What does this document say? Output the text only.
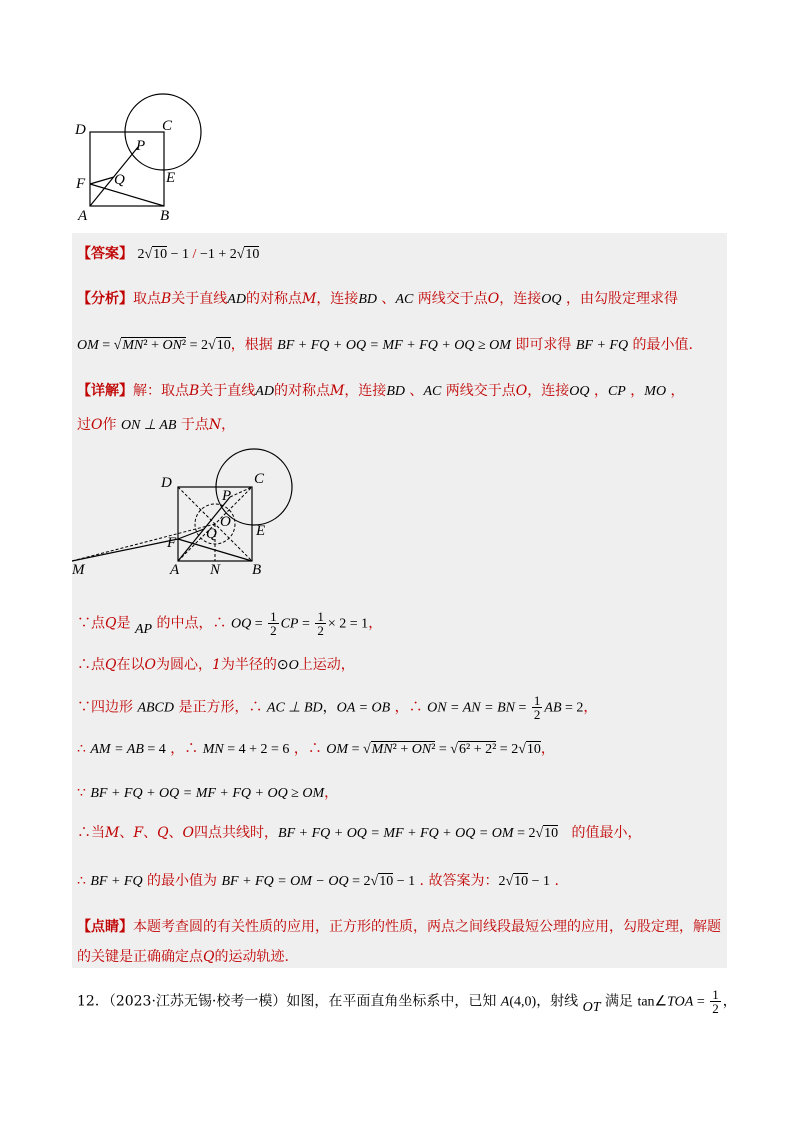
D	C
P
E
F Q
A	B
【答案】 2√10 − 1 / −1 + 2√10
【分析】取点B关于直线AD的对称点M，连接BD 、AC 两线交于点O，连接OQ ，由勾股定理求得
OM = √MN² + ON² = 2√10，根据 BF + FQ + OQ = MF + FQ + OQ ≥ OM 即可求得 BF + FQ 的最小值.
【详解】解：取点B关于直线AD的对称点M，连接BD 、AC 两线交于点O，连接OQ ，CP ，MO ，
过O作 ON ⊥ AB 于点N，
D	C
P
O
Q
F
E
M	A N B
∵点Q是 AP 的中点，∴ OQ = $\frac{1}{2}$ CP = $\frac{1}{2} \times 2 = 1$，
∴点Q在以O为圆心，1为半径的⊙O上运动，
∵四边形 ABCD 是正方形，∴ AC ⊥ BD，OA = OB ，∴ ON = AN = BN = $\frac{1}{2}$ AB = 2，
∴ AM = AB = 4 ，∴ MN = 4 + 2 = 6 ，∴ OM = √MN² + ON² = √6² + 2² = 2√10，
∵ BF + FQ + OQ = MF + FQ + OQ ≥ OM，
∴当M、F、Q、O四点共线时，BF + FQ + OQ = MF + FQ + OQ = OM = 2√10   的值最小，
∴ BF + FQ 的最小值为 BF + FQ = OM − OQ = 2√10 − 1 . 故答案为：2√10 − 1 .
【点睛】本题考查圆的有关性质的应用，正方形的性质，两点之间线段最短公理的应用，勾股定理，解题
的关键是正确确定点Q的运动轨迹.
12．（2023·江苏无锡·校考一模）如图，在平面直角坐标系中，已知 A(4,0)，射线 OT 满足 tan∠TOA = $\frac{1}{2}$ ，
